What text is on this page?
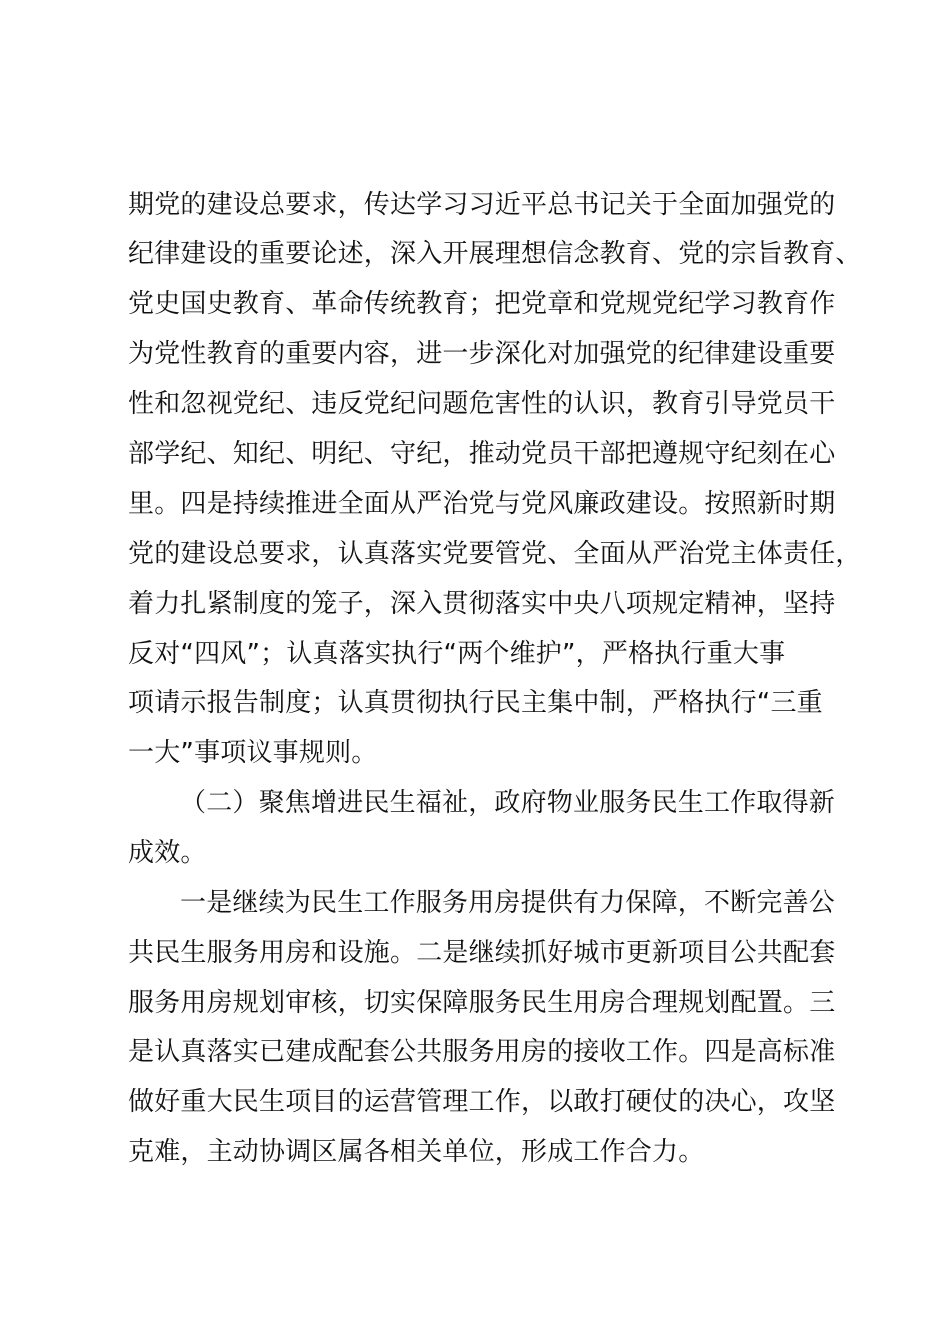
期党的建设总要求，传达学习习近平总书记关于全面加强党的
纪律建设的重要论述，深入开展理想信念教育、党的宗旨教育、
党史国史教育、革命传统教育；把党章和党规党纪学习教育作
为党性教育的重要内容，进一步深化对加强党的纪律建设重要
性和忽视党纪、违反党纪问题危害性的认识，教育引导党员干
部学纪、知纪、明纪、守纪，推动党员干部把遵规守纪刻在心
里。四是持续推进全面从严治党与党风廉政建设。按照新时期
党的建设总要求，认真落实党要管党、全面从严治党主体责任，
着力扎紧制度的笼子，深入贯彻落实中央八项规定精神，坚持
反对“四风”；认真落实执行“两个维护”，严格执行重大事
项请示报告制度；认真贯彻执行民主集中制，严格执行“三重
一大”事项议事规则。
（二）聚焦增进民生福祉，政府物业服务民生工作取得新
成效。
一是继续为民生工作服务用房提供有力保障，不断完善公
共民生服务用房和设施。二是继续抓好城市更新项目公共配套
服务用房规划审核，切实保障服务民生用房合理规划配置。三
是认真落实已建成配套公共服务用房的接收工作。四是高标准
做好重大民生项目的运营管理工作，以敢打硬仗的决心，攻坚
克难，主动协调区属各相关单位，形成工作合力。
